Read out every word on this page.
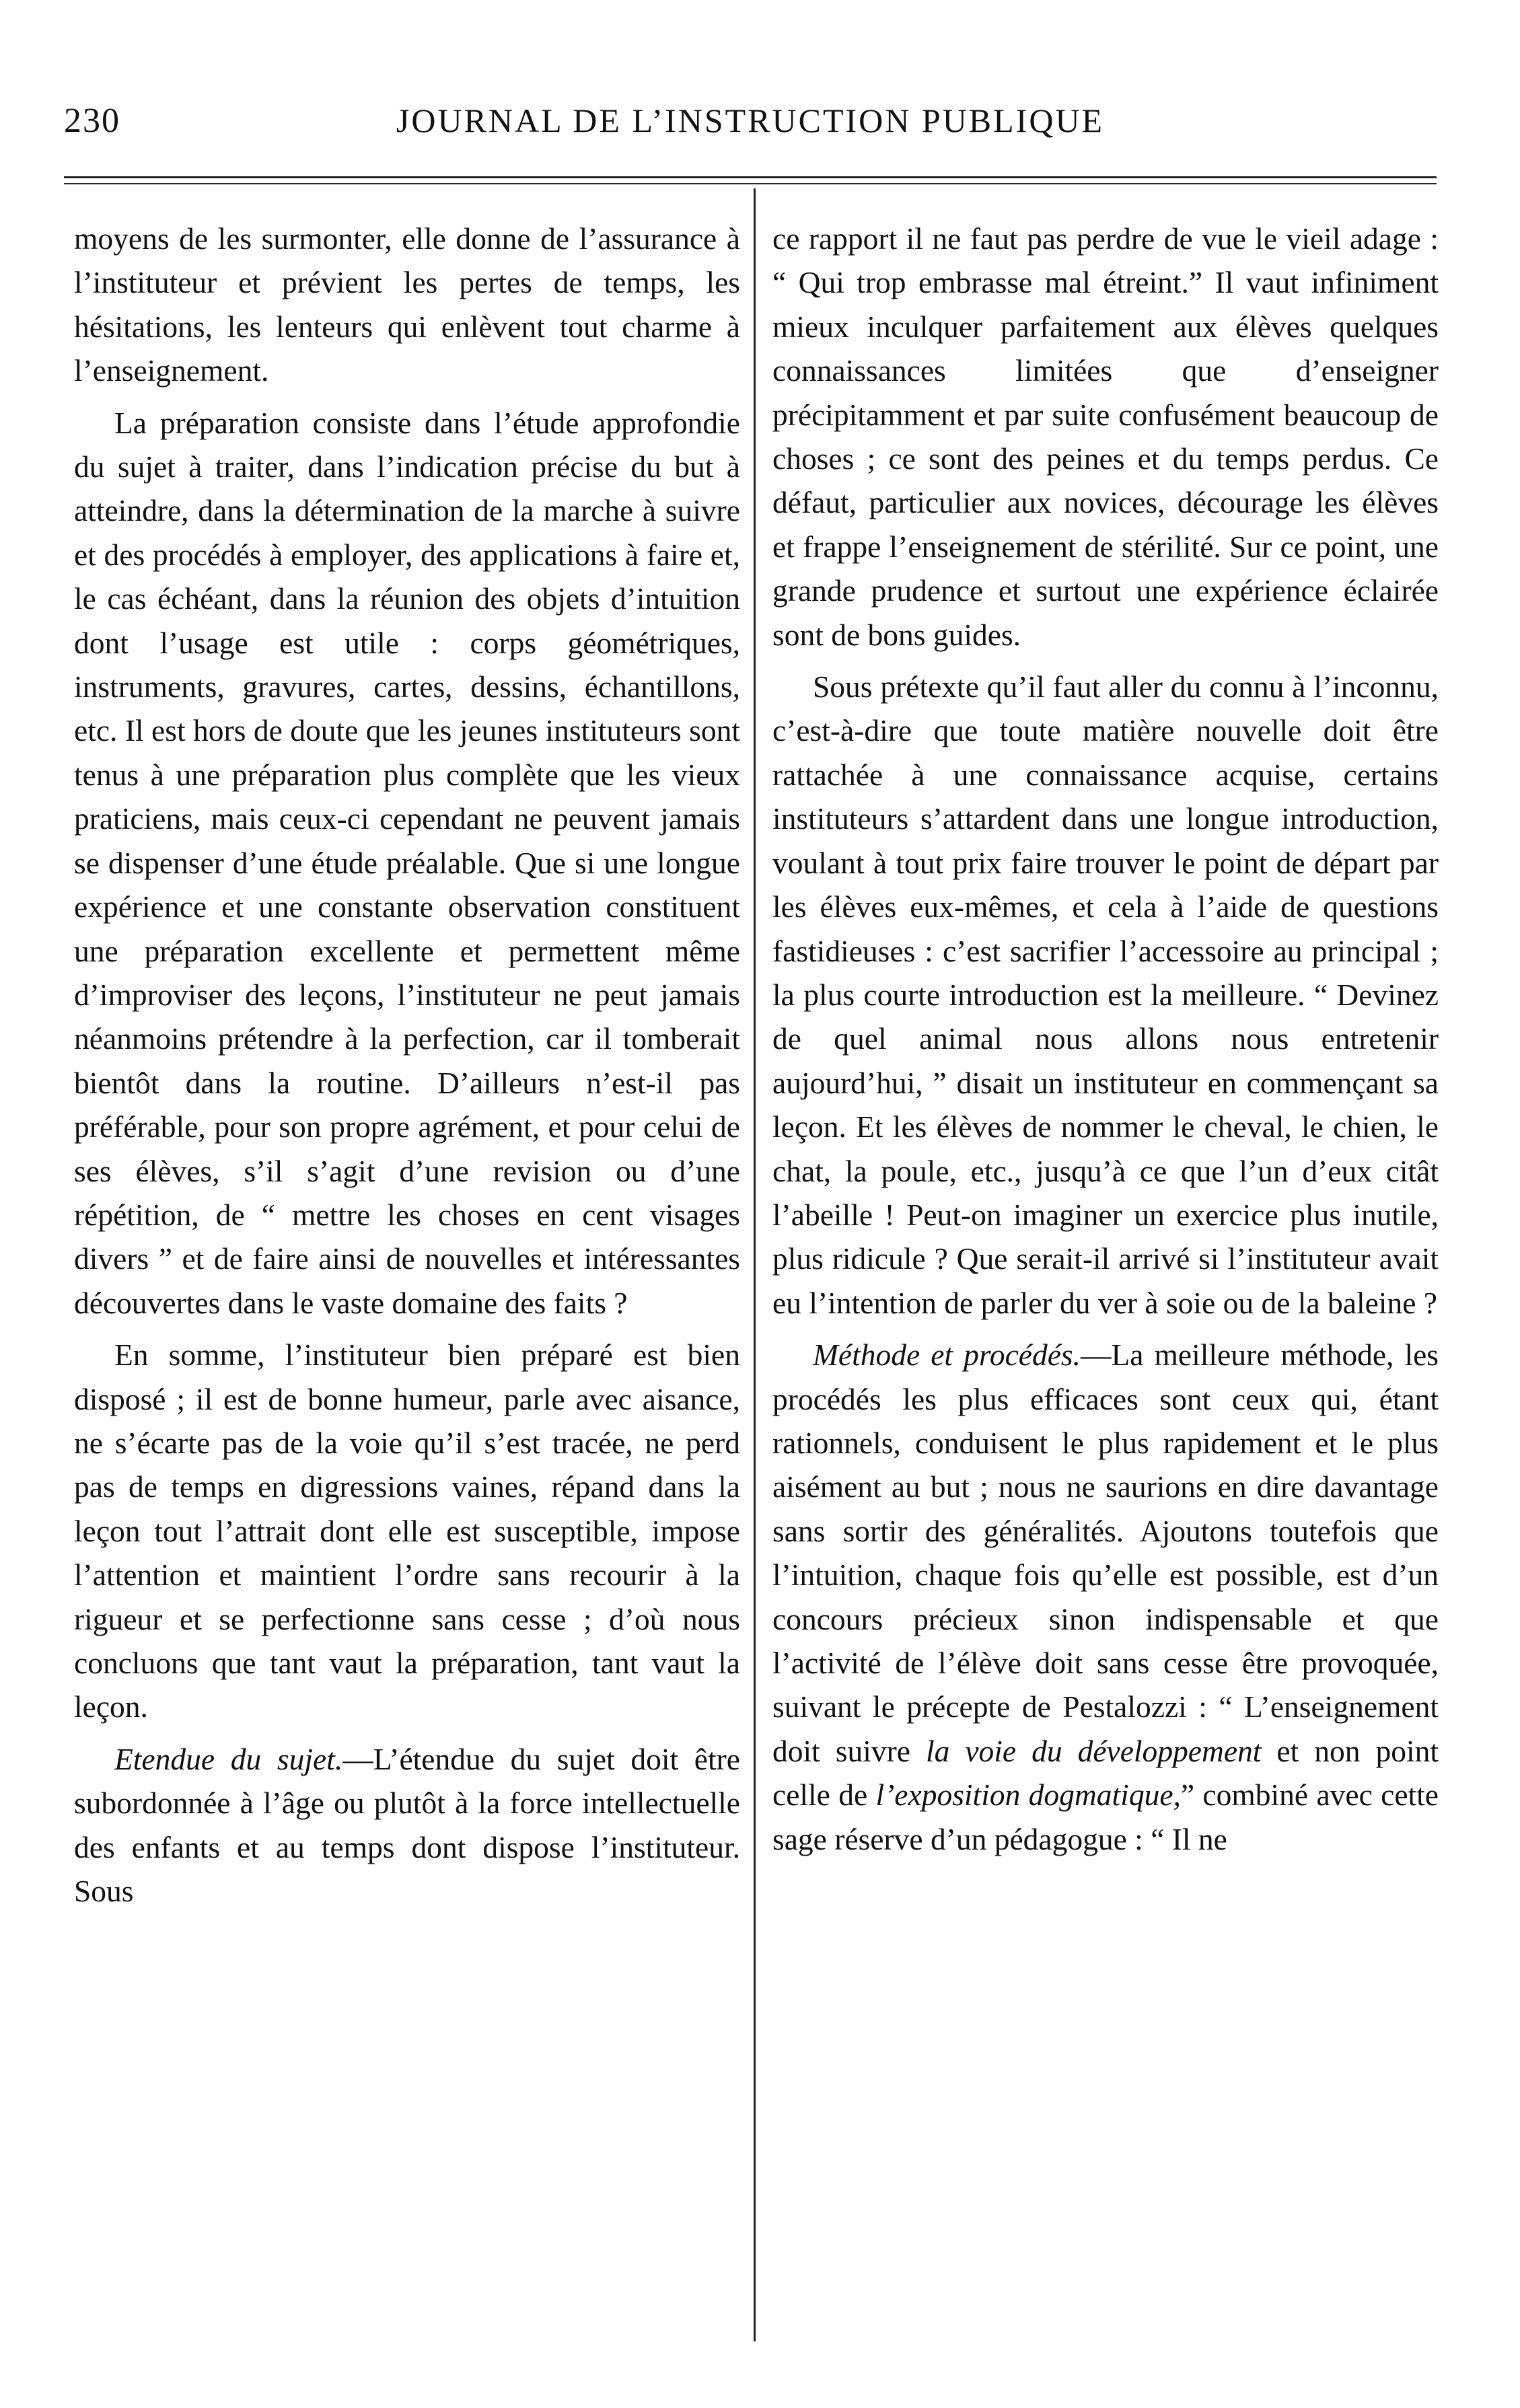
230	JOURNAL DE L’INSTRUCTION PUBLIQUE

moyens de les surmonter, elle donne de l’assurance à l’instituteur et prévient les pertes de temps, les hésitations, les lenteurs qui enlèvent tout charme à l’enseignement.

La préparation consiste dans l’étude approfondie du sujet à traiter, dans l’indication précise du but à atteindre, dans la détermination de la marche à suivre et des procédés à employer, des applications à faire et, le cas échéant, dans la réunion des objets d’intuition dont l’usage est utile : corps géométriques, instruments, gravures, cartes, dessins, échantillons, etc. Il est hors de doute que les jeunes instituteurs sont tenus à une préparation plus complète que les vieux praticiens, mais ceux-ci cependant ne peuvent jamais se dispenser d’une étude préalable. Que si une longue expérience et une constante observation constituent une préparation excellente et permettent même d’improviser des leçons, l’instituteur ne peut jamais néanmoins prétendre à la perfection, car il tomberait bientôt dans la routine. D’ailleurs n’est-il pas préférable, pour son propre agrément, et pour celui de ses élèves, s’il s’agit d’une revision ou d’une répétition, de “ mettre les choses en cent visages divers ” et de faire ainsi de nouvelles et intéressantes découvertes dans le vaste domaine des faits ?

En somme, l’instituteur bien préparé est bien disposé ; il est de bonne humeur, parle avec aisance, ne s’écarte pas de la voie qu’il s’est tracée, ne perd pas de temps en digressions vaines, répand dans la leçon tout l’attrait dont elle est susceptible, impose l’attention et maintient l’ordre sans recourir à la rigueur et se perfectionne sans cesse ; d’où nous concluons que tant vaut la préparation, tant vaut la leçon.

Etendue du sujet.—L’étendue du sujet doit être subordonnée à l’âge ou plutôt à la force intellectuelle des enfants et au temps dont dispose l’instituteur. Sous

ce rapport il ne faut pas perdre de vue le vieil adage : “ Qui trop embrasse mal étreint.” Il vaut infiniment mieux inculquer parfaitement aux élèves quelques connaissances limitées que d’enseigner précipitamment et par suite confusément beaucoup de choses ; ce sont des peines et du temps perdus. Ce défaut, particulier aux novices, décourage les élèves et frappe l’enseignement de stérilité. Sur ce point, une grande prudence et surtout une expérience éclairée sont de bons guides.

Sous prétexte qu’il faut aller du connu à l’inconnu, c’est-à-dire que toute matière nouvelle doit être rattachée à une connaissance acquise, certains instituteurs s’attardent dans une longue introduction, voulant à tout prix faire trouver le point de départ par les élèves eux-mêmes, et cela à l’aide de questions fastidieuses : c’est sacrifier l’accessoire au principal ; la plus courte introduction est la meilleure. “ Devinez de quel animal nous allons nous entretenir aujourd’hui, ” disait un instituteur en commençant sa leçon. Et les élèves de nommer le cheval, le chien, le chat, la poule, etc., jusqu’à ce que l’un d’eux citât l’abeille ! Peut-on imaginer un exercice plus inutile, plus ridicule ? Que serait-il arrivé si l’instituteur avait eu l’intention de parler du ver à soie ou de la baleine ?

Méthode et procédés.—La meilleure méthode, les procédés les plus efficaces sont ceux qui, étant rationnels, conduisent le plus rapidement et le plus aisément au but ; nous ne saurions en dire davantage sans sortir des généralités. Ajoutons toutefois que l’intuition, chaque fois qu’elle est possible, est d’un concours précieux sinon indispensable et que l’activité de l’élève doit sans cesse être provoquée, suivant le précepte de Pestalozzi : “ L’enseignement doit suivre la voie du développement et non point celle de l’exposition dogmatique,” combiné avec cette sage réserve d’un pédagogue : “ Il ne
